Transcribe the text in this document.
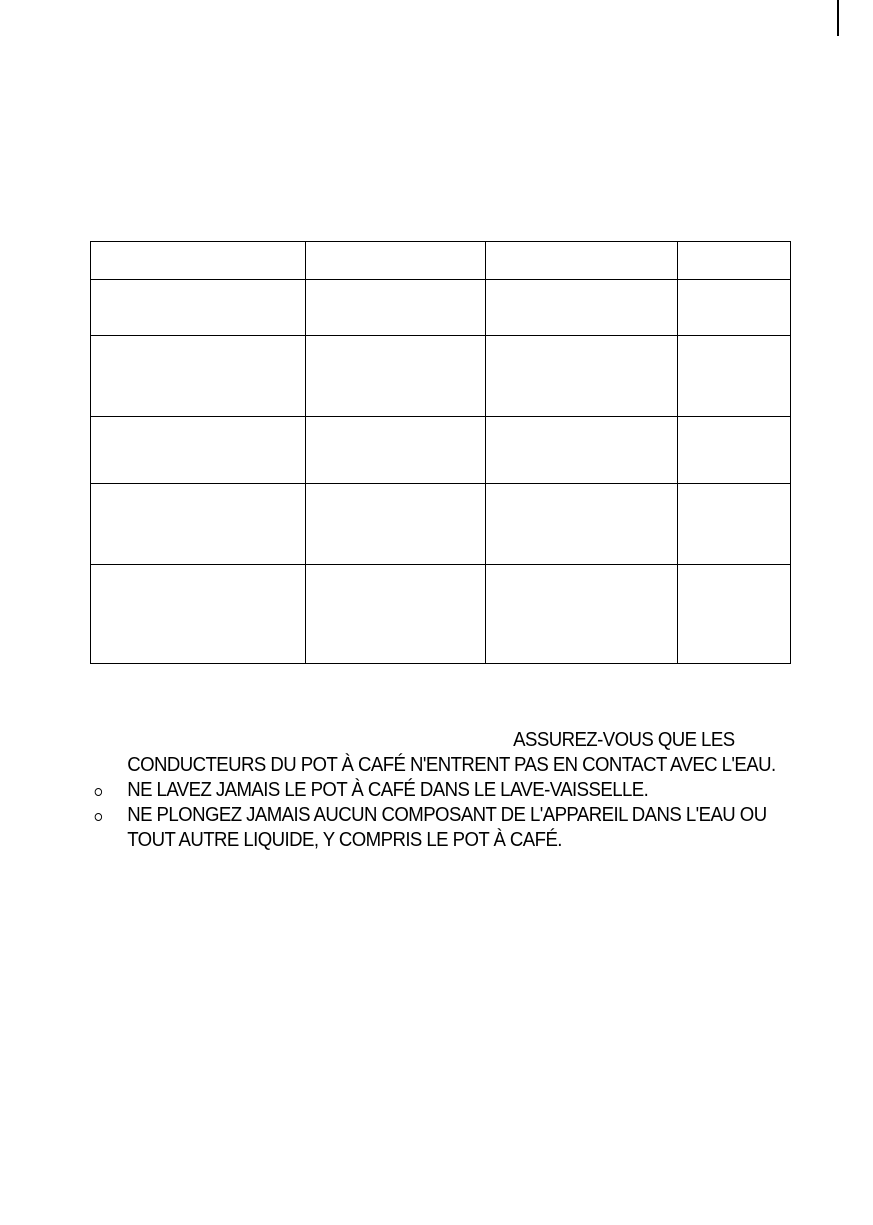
ASSUREZ-VOUS QUE LES
CONDUCTEURS DU POT À CAFÉ N'ENTRENT PAS EN CONTACT AVEC L'EAU.
NE LAVEZ JAMAIS LE POT À CAFÉ DANS LE LAVE-VAISSELLE.
NE PLONGEZ JAMAIS AUCUN COMPOSANT DE L'APPAREIL DANS L'EAU OU
TOUT AUTRE LIQUIDE, Y COMPRIS LE POT À CAFÉ.
